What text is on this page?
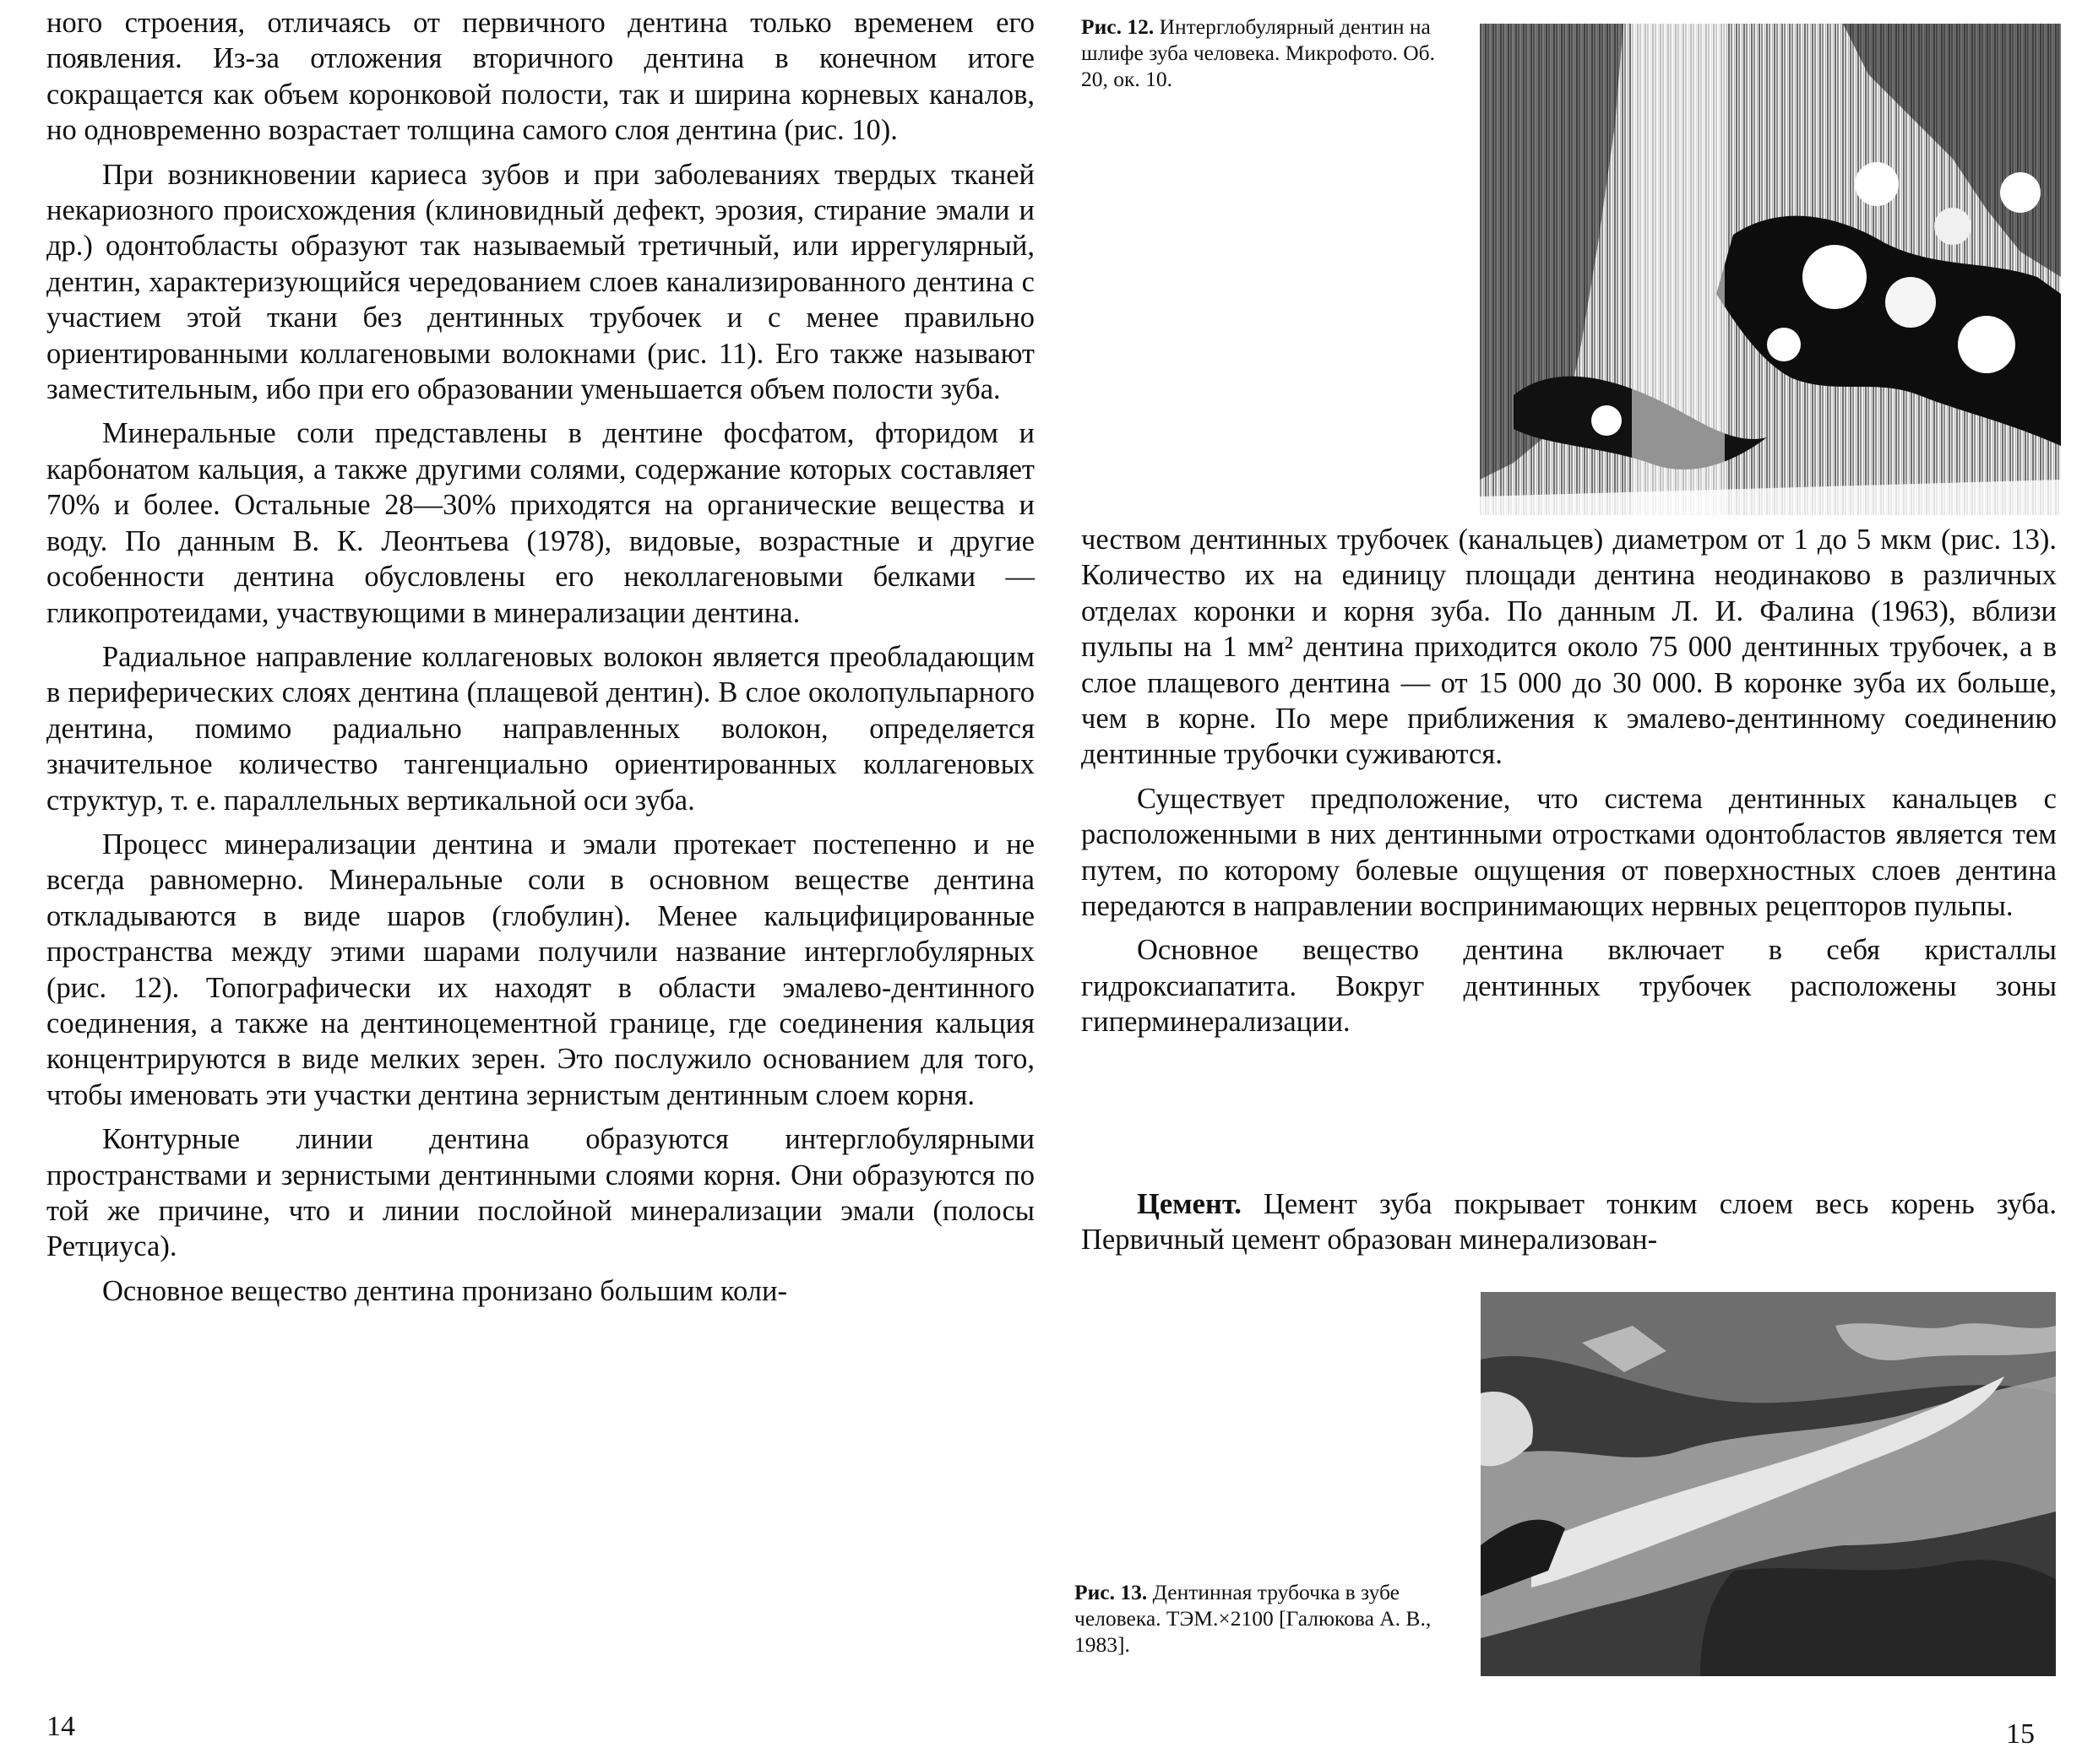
ного строения, отличаясь от первичного дентина только временем его появления. Из-за отложения вторичного дентина в конечном итоге сокращается как объем коронковой полости, так и ширина корневых каналов, но одновременно возрастает толщина самого слоя дентина (рис. 10).

При возникновении кариеса зубов и при заболеваниях твердых тканей некариозного происхождения (клиновидный дефект, эрозия, стирание эмали и др.) одонтобласты образуют так называемый третичный, или иррегулярный, дентин, характеризующийся чередованием слоев канализированного дентина с участием этой ткани без дентинных трубочек и с менее правильно ориентированными коллагеновыми волокнами (рис. 11). Его также называют заместительным, ибо при его образовании уменьшается объем полости зуба.

Минеральные соли представлены в дентине фосфатом, фторидом и карбонатом кальция, а также другими солями, содержание которых составляет 70% и более. Остальные 28—30% приходятся на органические вещества и воду. По данным В. К. Леонтьева (1978), видовые, возрастные и другие особенности дентина обусловлены его неколлагеновыми белками — гликопротеидами, участвующими в минерализации дентина.

Радиальное направление коллагеновых волокон является преобладающим в периферических слоях дентина (плащевой дентин). В слое околопульпарного дентина, помимо радиально направленных волокон, определяется значительное количество тангенциально ориентированных коллагеновых структур, т. е. параллельных вертикальной оси зуба.

Процесс минерализации дентина и эмали протекает постепенно и не всегда равномерно. Минеральные соли в основном веществе дентина откладываются в виде шаров (глобулин). Менее кальцифицированные пространства между этими шарами получили название интерглобулярных (рис. 12). Топографически их находят в области эмалево-дентинного соединения, а также на дентиноцементной границе, где соединения кальция концентрируются в виде мелких зерен. Это послужило основанием для того, чтобы именовать эти участки дентина зернистым дентинным слоем корня.

Контурные линии дентина образуются интерглобулярными пространствами и зернистыми дентинными слоями корня. Они образуются по той же причине, что и линии послойной минерализации эмали (полосы Ретциуса).

Основное вещество дентина пронизано большим коли-

14
Рис. 12. Интерглобулярный дентин на шлифе зуба человека. Микрофото. Об. 20, ок. 10.

чеством дентинных трубочек (канальцев) диаметром от 1 до 5 мкм (рис. 13). Количество их на единицу площади дентина неодинаково в различных отделах коронки и корня зуба. По данным Л. И. Фалина (1963), вблизи пульпы на 1 мм² дентина приходится около 75 000 дентинных трубочек, а в слое плащевого дентина — от 15 000 до 30 000. В коронке зуба их больше, чем в корне. По мере приближения к эмалево-дентинному соединению дентинные трубочки суживаются.

Существует предположение, что система дентинных канальцев с расположенными в них дентинными отростками одонтобластов является тем путем, по которому болевые ощущения от поверхностных слоев дентина передаются в направлении воспринимающих нервных рецепторов пульпы.

Основное вещество дентина включает в себя кристаллы гидроксиапатита. Вокруг дентинных трубочек расположены зоны гиперминерализации.

Цемент. Цемент зуба покрывает тонким слоем весь корень зуба. Первичный цемент образован минерализован-

Рис. 13. Дентинная трубочка в зубе человека. ТЭМ.×2100 [Галюкова А. В., 1983].
15
